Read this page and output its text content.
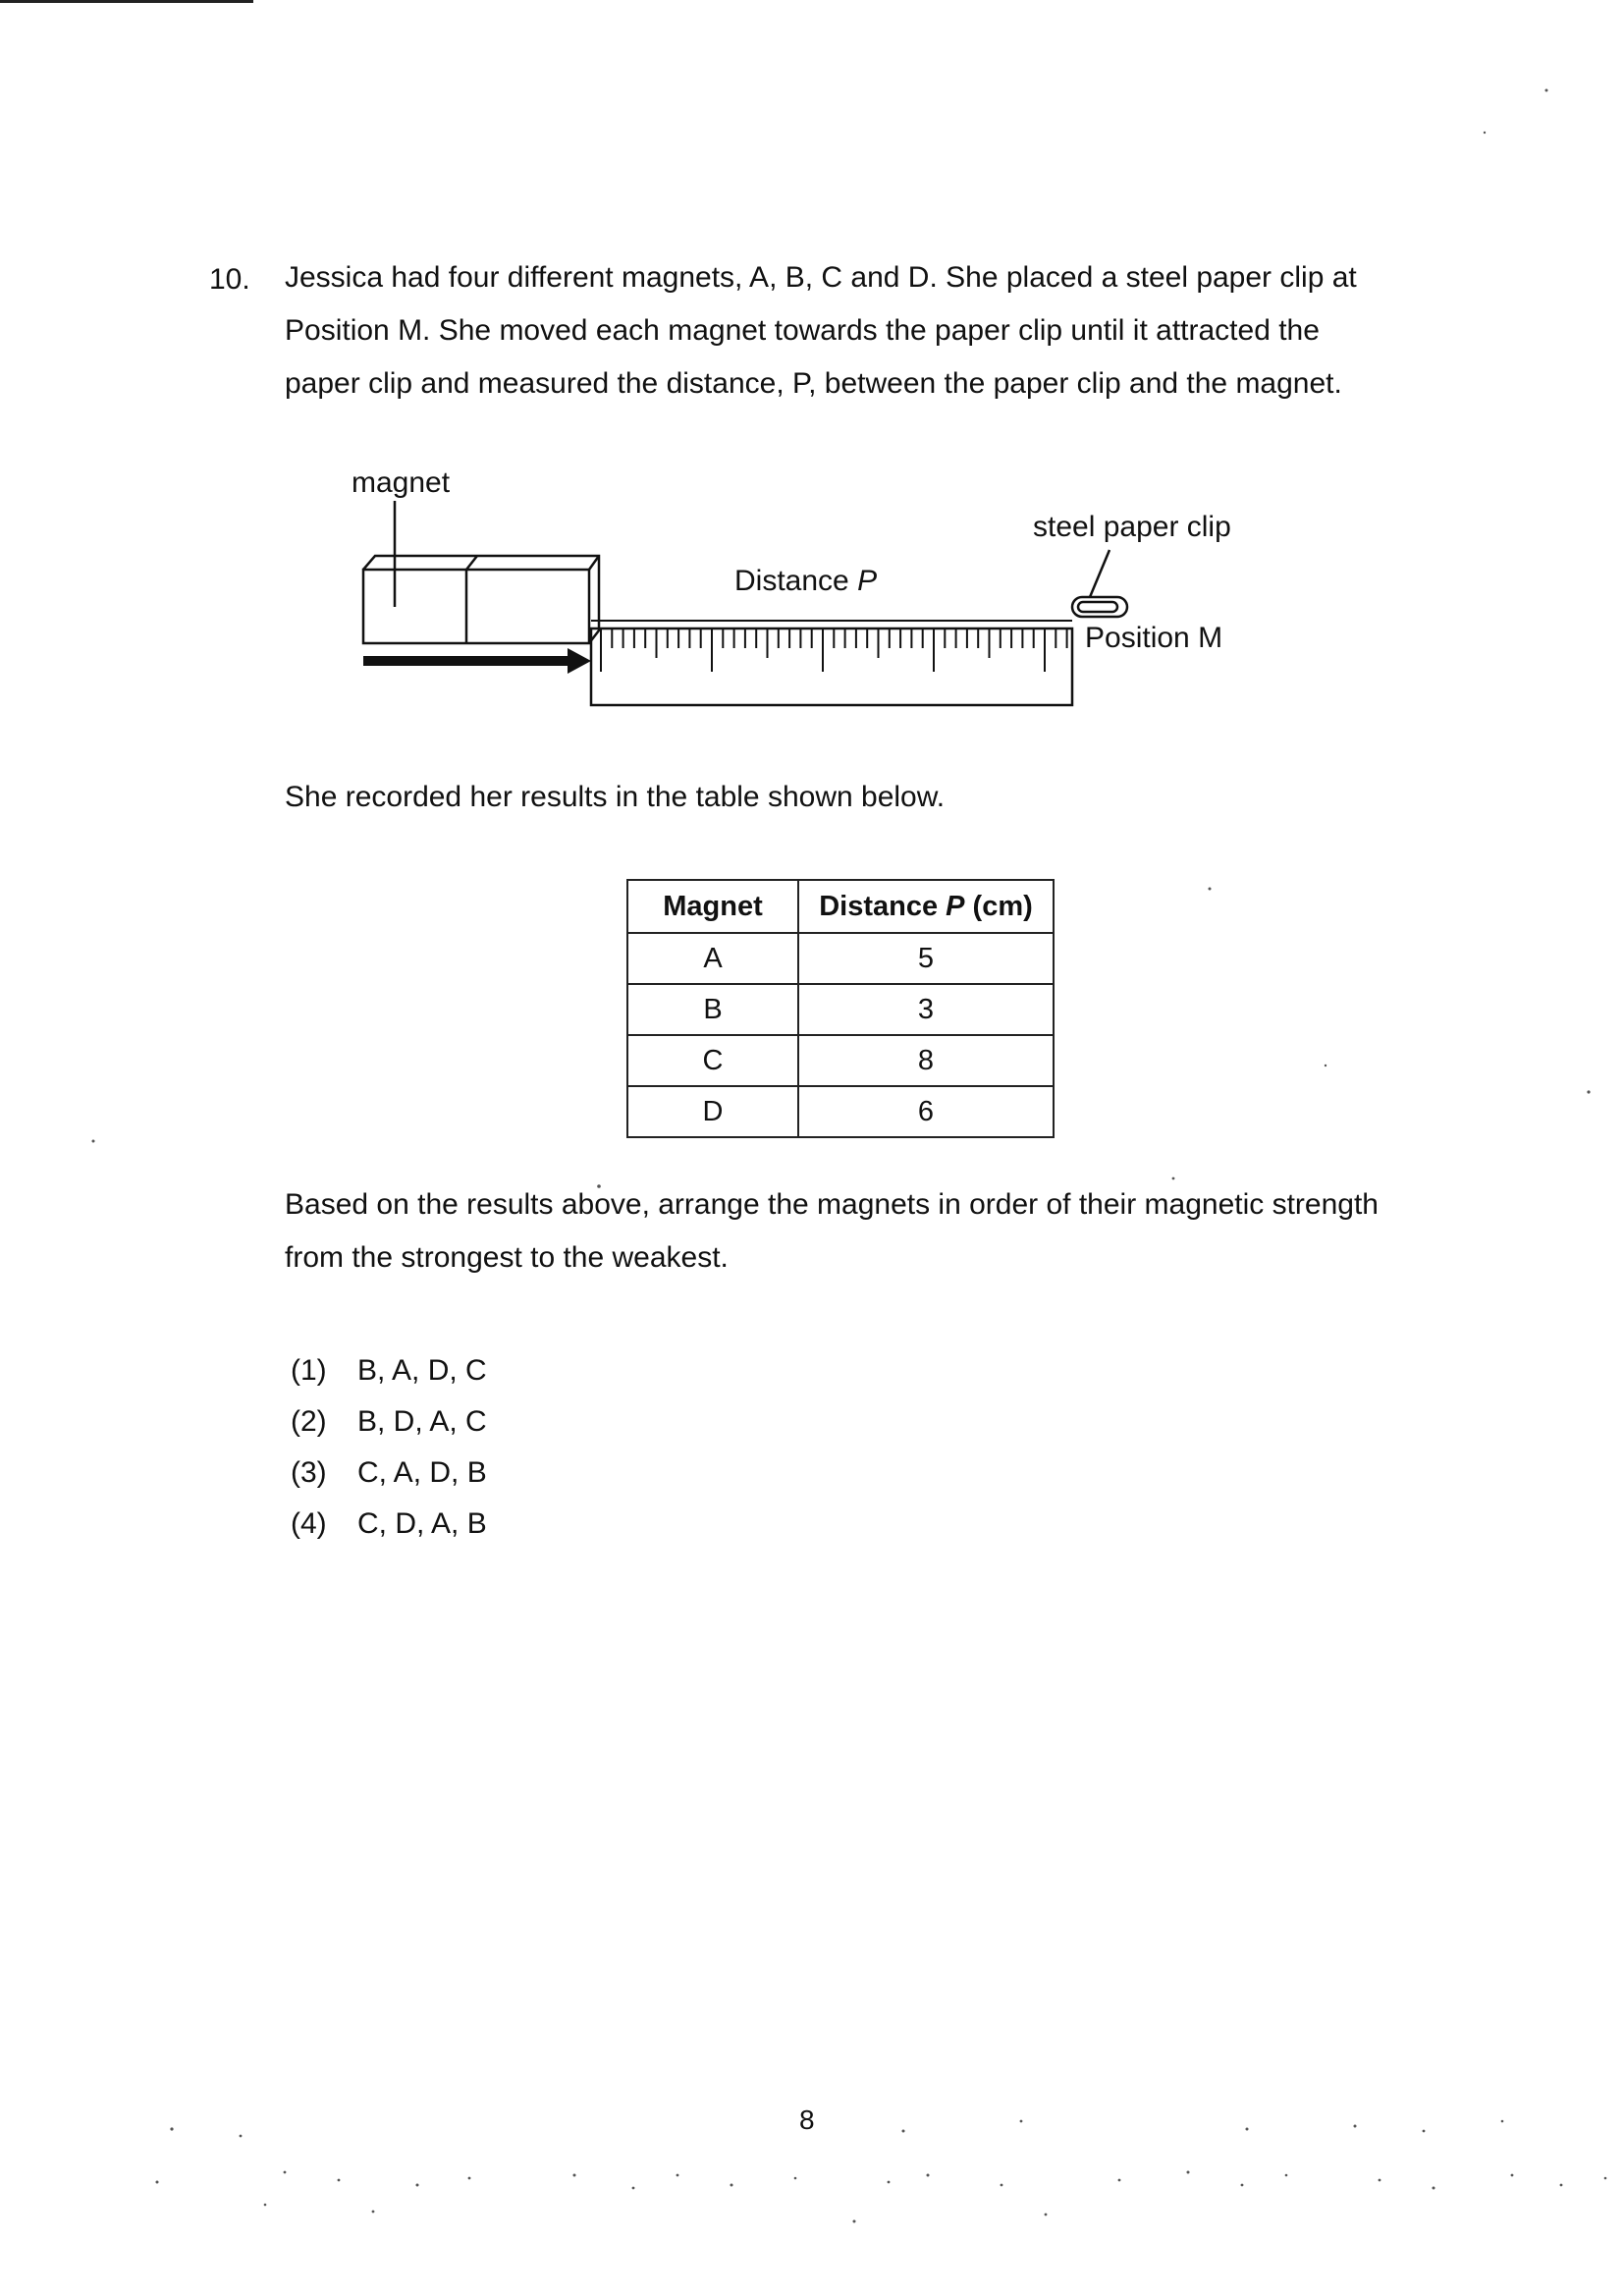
10. Jessica had four different magnets, A, B, C and D. She placed a steel paper clip at
Position M. She moved each magnet towards the paper clip until it attracted the
paper clip and measured the distance, P, between the paper clip and the magnet.
magnet
Distance P
steel paper clip
Position M
She recorded her results in the table shown below.
Magnet	Distance P (cm)
A	5
B	3
C	8
D	6
Based on the results above, arrange the magnets in order of their magnetic strength
from the strongest to the weakest.
(1) B, A, D, C
(2) B, D, A, C
(3) C, A, D, B
(4) C, D, A, B
8
